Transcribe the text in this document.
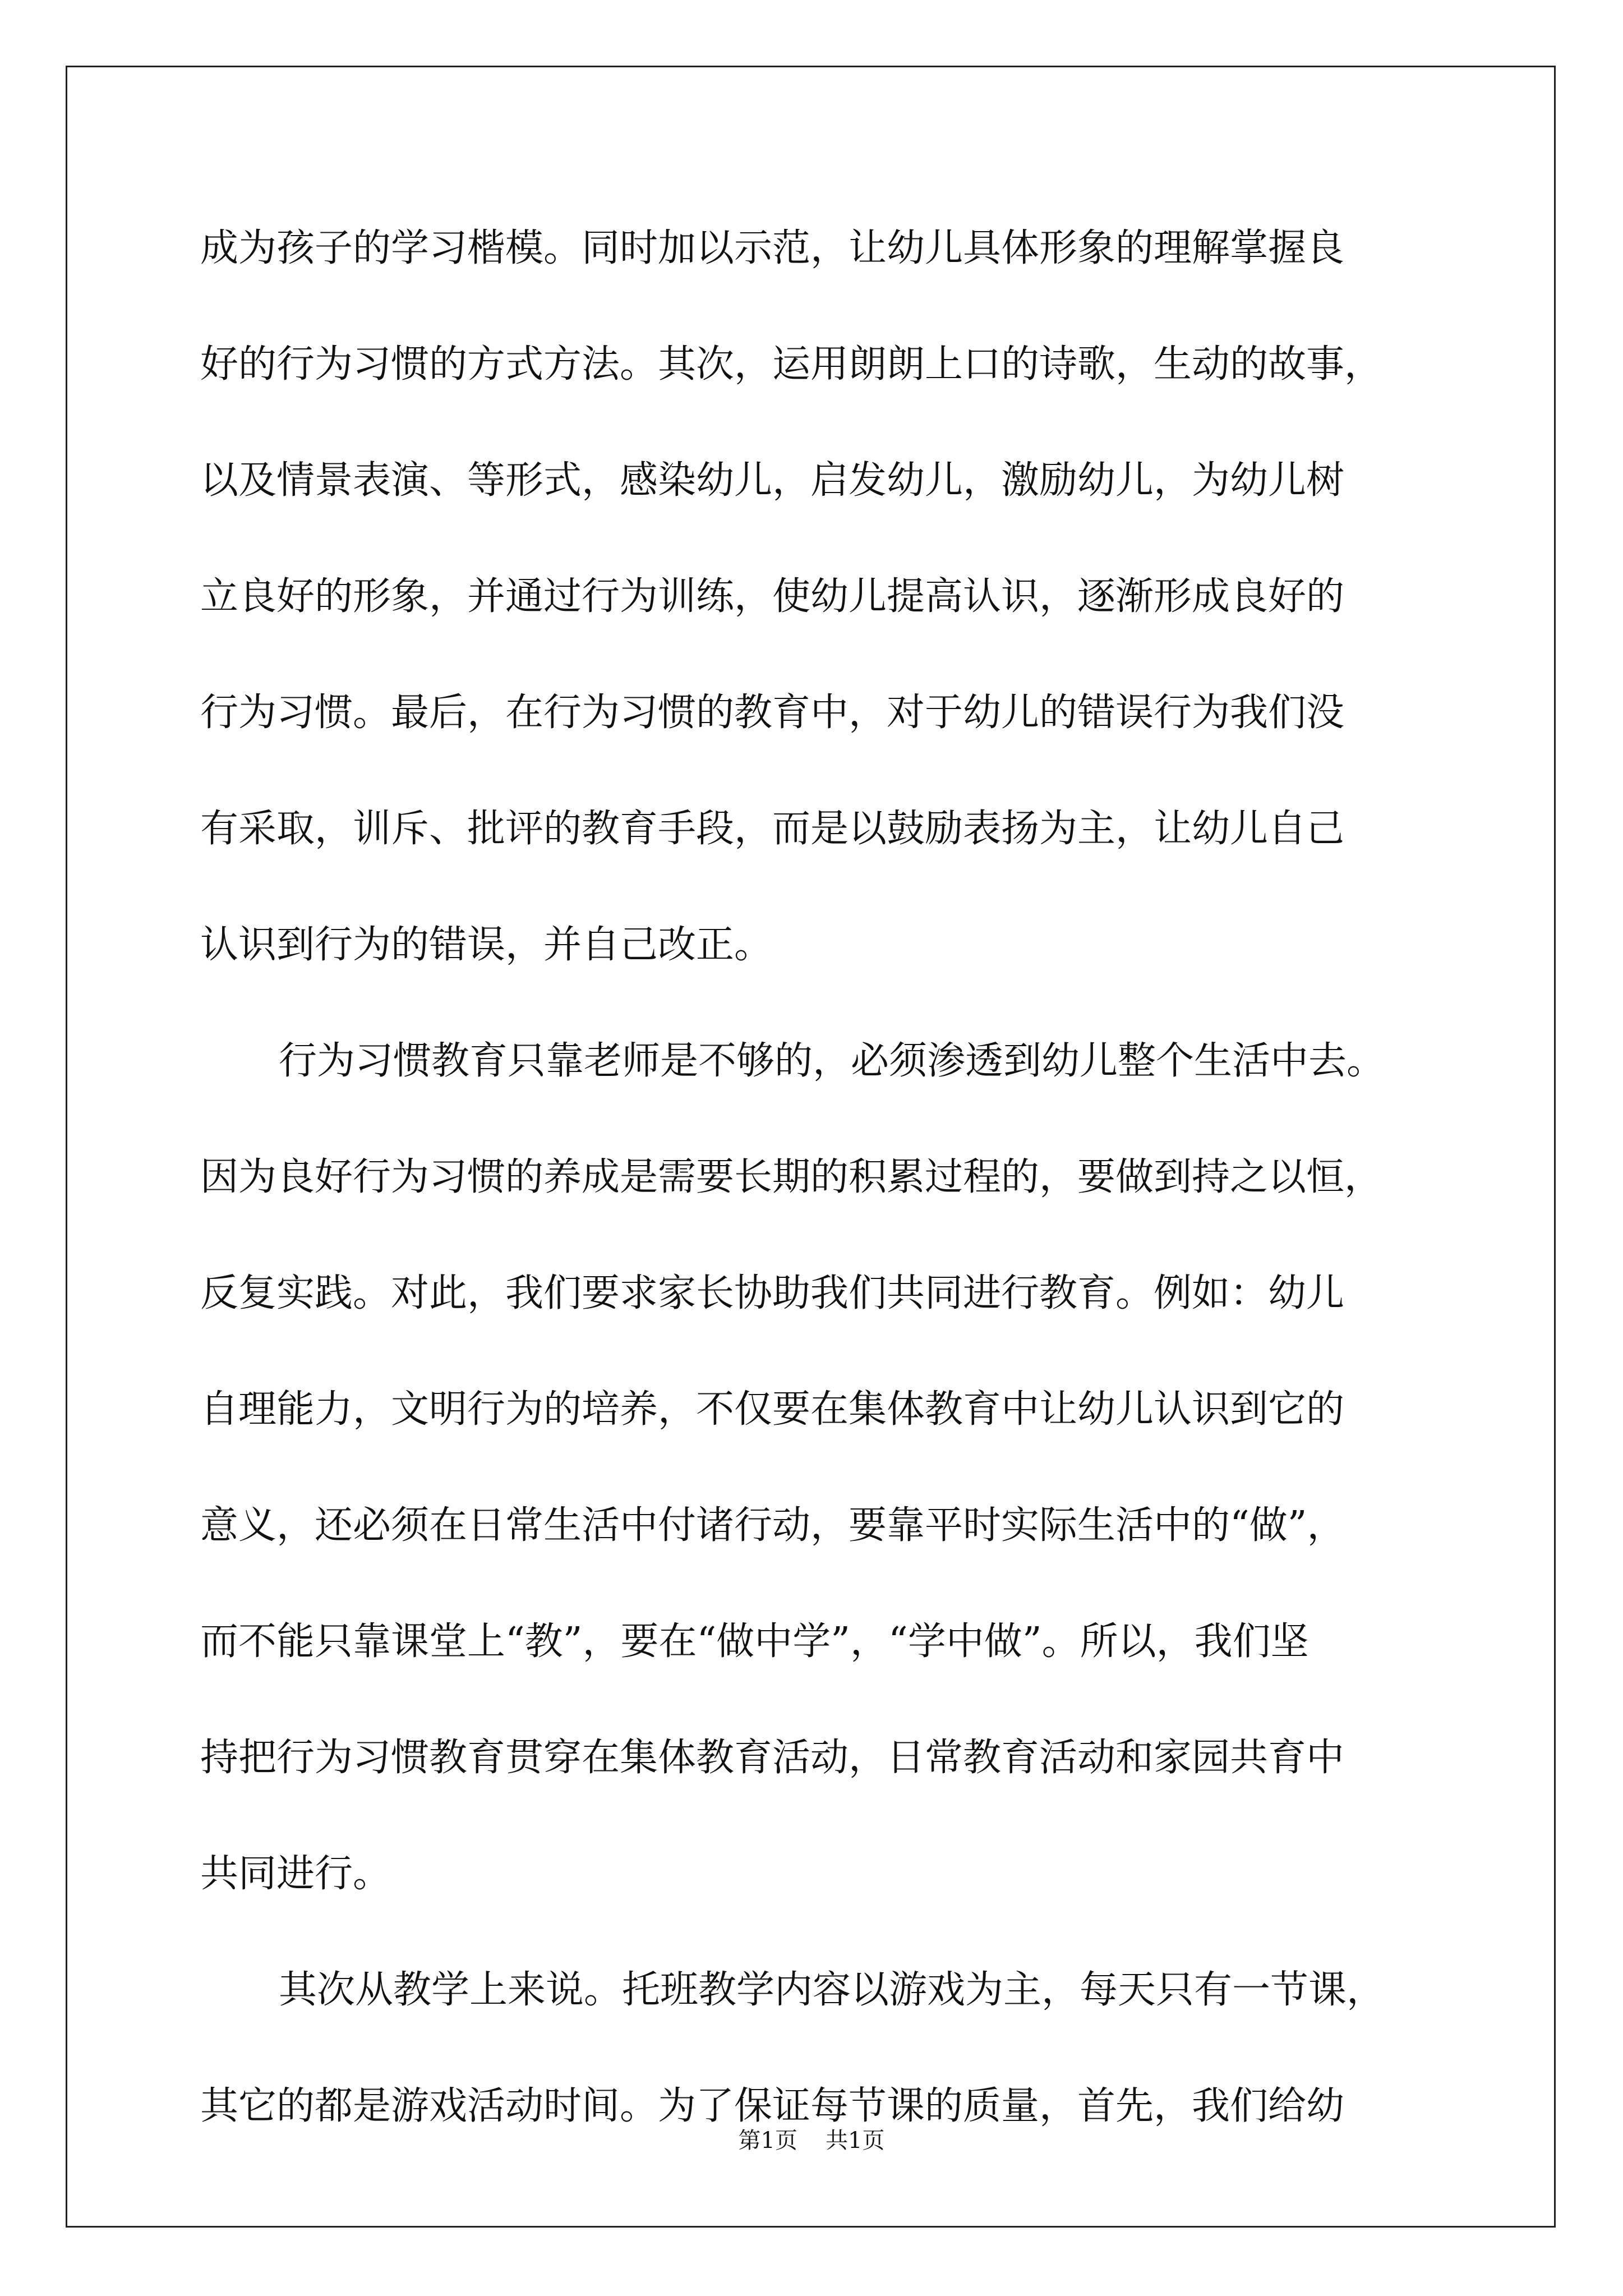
成为孩子的学习楷模。同时加以示范，让幼儿具体形象的理解掌握良
好的行为习惯的方式方法。其次，运用朗朗上口的诗歌，生动的故事，
以及情景表演、等形式，感染幼儿，启发幼儿，激励幼儿，为幼儿树
立良好的形象，并通过行为训练，使幼儿提高认识，逐渐形成良好的
行为习惯。最后，在行为习惯的教育中，对于幼儿的错误行为我们没
有采取，训斥、批评的教育手段，而是以鼓励表扬为主，让幼儿自己
认识到行为的错误，并自己改正。
行为习惯教育只靠老师是不够的，必须渗透到幼儿整个生活中去。
因为良好行为习惯的养成是需要长期的积累过程的，要做到持之以恒，
反复实践。对此，我们要求家长协助我们共同进行教育。例如：幼儿
自理能力，文明行为的培养，不仅要在集体教育中让幼儿认识到它的
意义，还必须在日常生活中付诸行动，要靠平时实际生活中的“做”，
而不能只靠课堂上“教”，要在“做中学”，“学中做”。所以，我们坚
持把行为习惯教育贯穿在集体教育活动，日常教育活动和家园共育中
共同进行。
其次从教学上来说。托班教学内容以游戏为主，每天只有一节课，
其它的都是游戏活动时间。为了保证每节课的质量，首先，我们给幼
第1页 共1页
